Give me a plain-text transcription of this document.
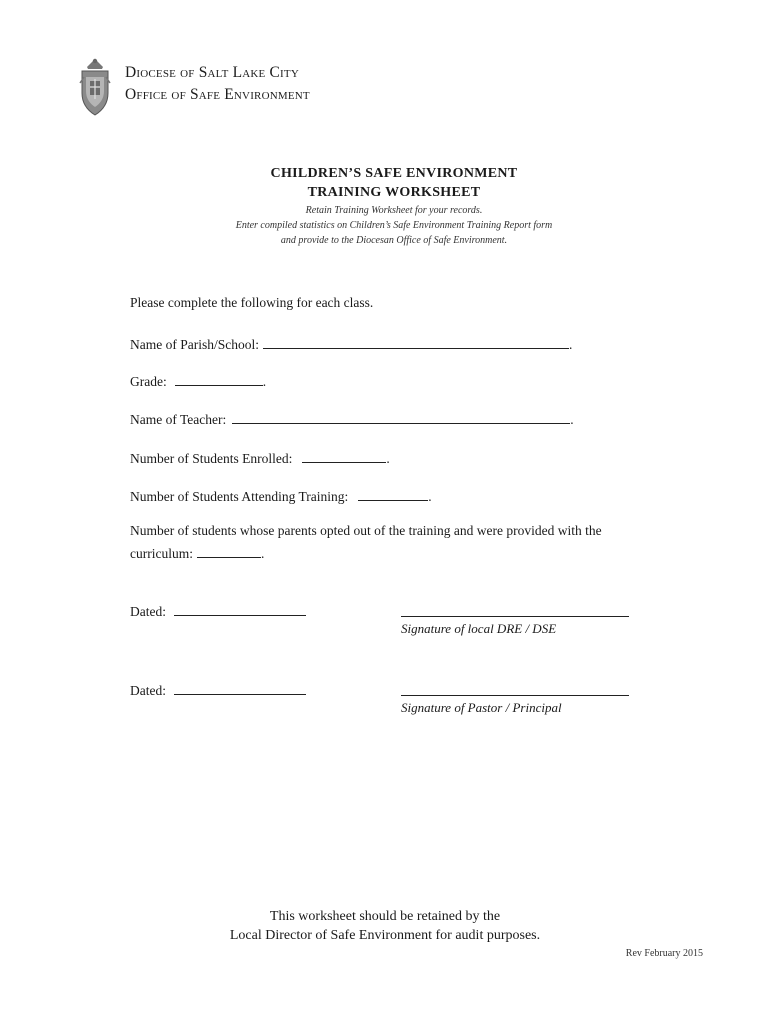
Diocese of Salt Lake City
Office of Safe Environment
CHILDREN’S SAFE ENVIRONMENT
TRAINING WORKSHEET
Retain Training Worksheet for your records.
Enter compiled statistics on Children’s Safe Environment Training Report form
and provide to the Diocesan Office of Safe Environment.
Please complete the following for each class.
Name of Parish/School:	.
Grade:	.
Name of Teacher:	.
Number of Students Enrolled:	.
Number of Students Attending Training:	.
Number of students whose parents opted out of the training and were provided with the
curriculum:	.
Dated:
Signature of local DRE / DSE
Dated:
Signature of Pastor / Principal
This worksheet should be retained by the
Local Director of Safe Environment for audit purposes.
Rev February 2015
